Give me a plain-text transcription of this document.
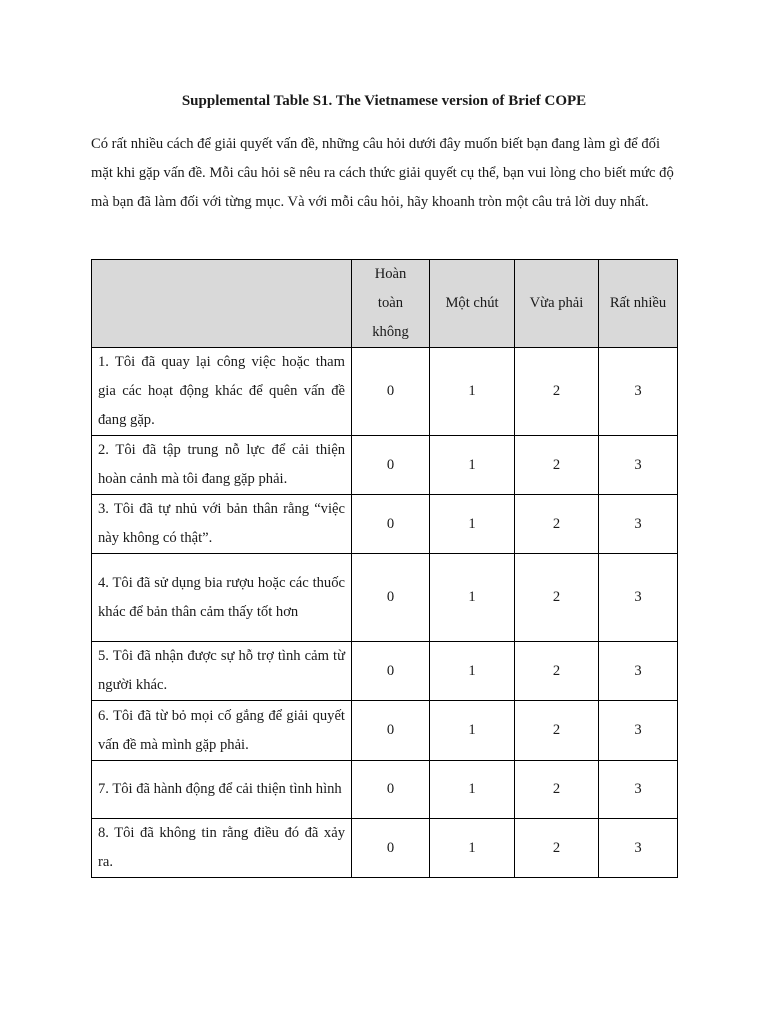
Supplemental Table S1. The Vietnamese version of Brief COPE
Có rất nhiều cách để giải quyết vấn đề, những câu hỏi dưới đây muốn biết bạn đang làm gì để đối mặt khi gặp vấn đề. Mỗi câu hỏi sẽ nêu ra cách thức giải quyết cụ thể, bạn vui lòng cho biết mức độ mà bạn đã làm đối với từng mục. Và với mỗi câu hỏi, hãy khoanh tròn một câu trả lời duy nhất.
	Hoàn toàn không	Một chút	Vừa phải	Rất nhiều
1. Tôi đã quay lại công việc hoặc tham gia các hoạt động khác để quên vấn đề đang gặp.	0	1	2	3
2. Tôi đã tập trung nỗ lực để cải thiện hoàn cảnh mà tôi đang gặp phải.	0	1	2	3
3. Tôi đã tự nhủ với bản thân rằng “việc này không có thật”.	0	1	2	3
4. Tôi đã sử dụng bia rượu hoặc các thuốc khác để bản thân cảm thấy tốt hơn	0	1	2	3
5. Tôi đã nhận được sự hỗ trợ tình cảm từ người khác.	0	1	2	3
6. Tôi đã từ bỏ mọi cố gắng để giải quyết vấn đề mà mình gặp phải.	0	1	2	3
7. Tôi đã hành động để cải thiện tình hình	0	1	2	3
8. Tôi đã không tin rằng điều đó đã xảy ra.	0	1	2	3
